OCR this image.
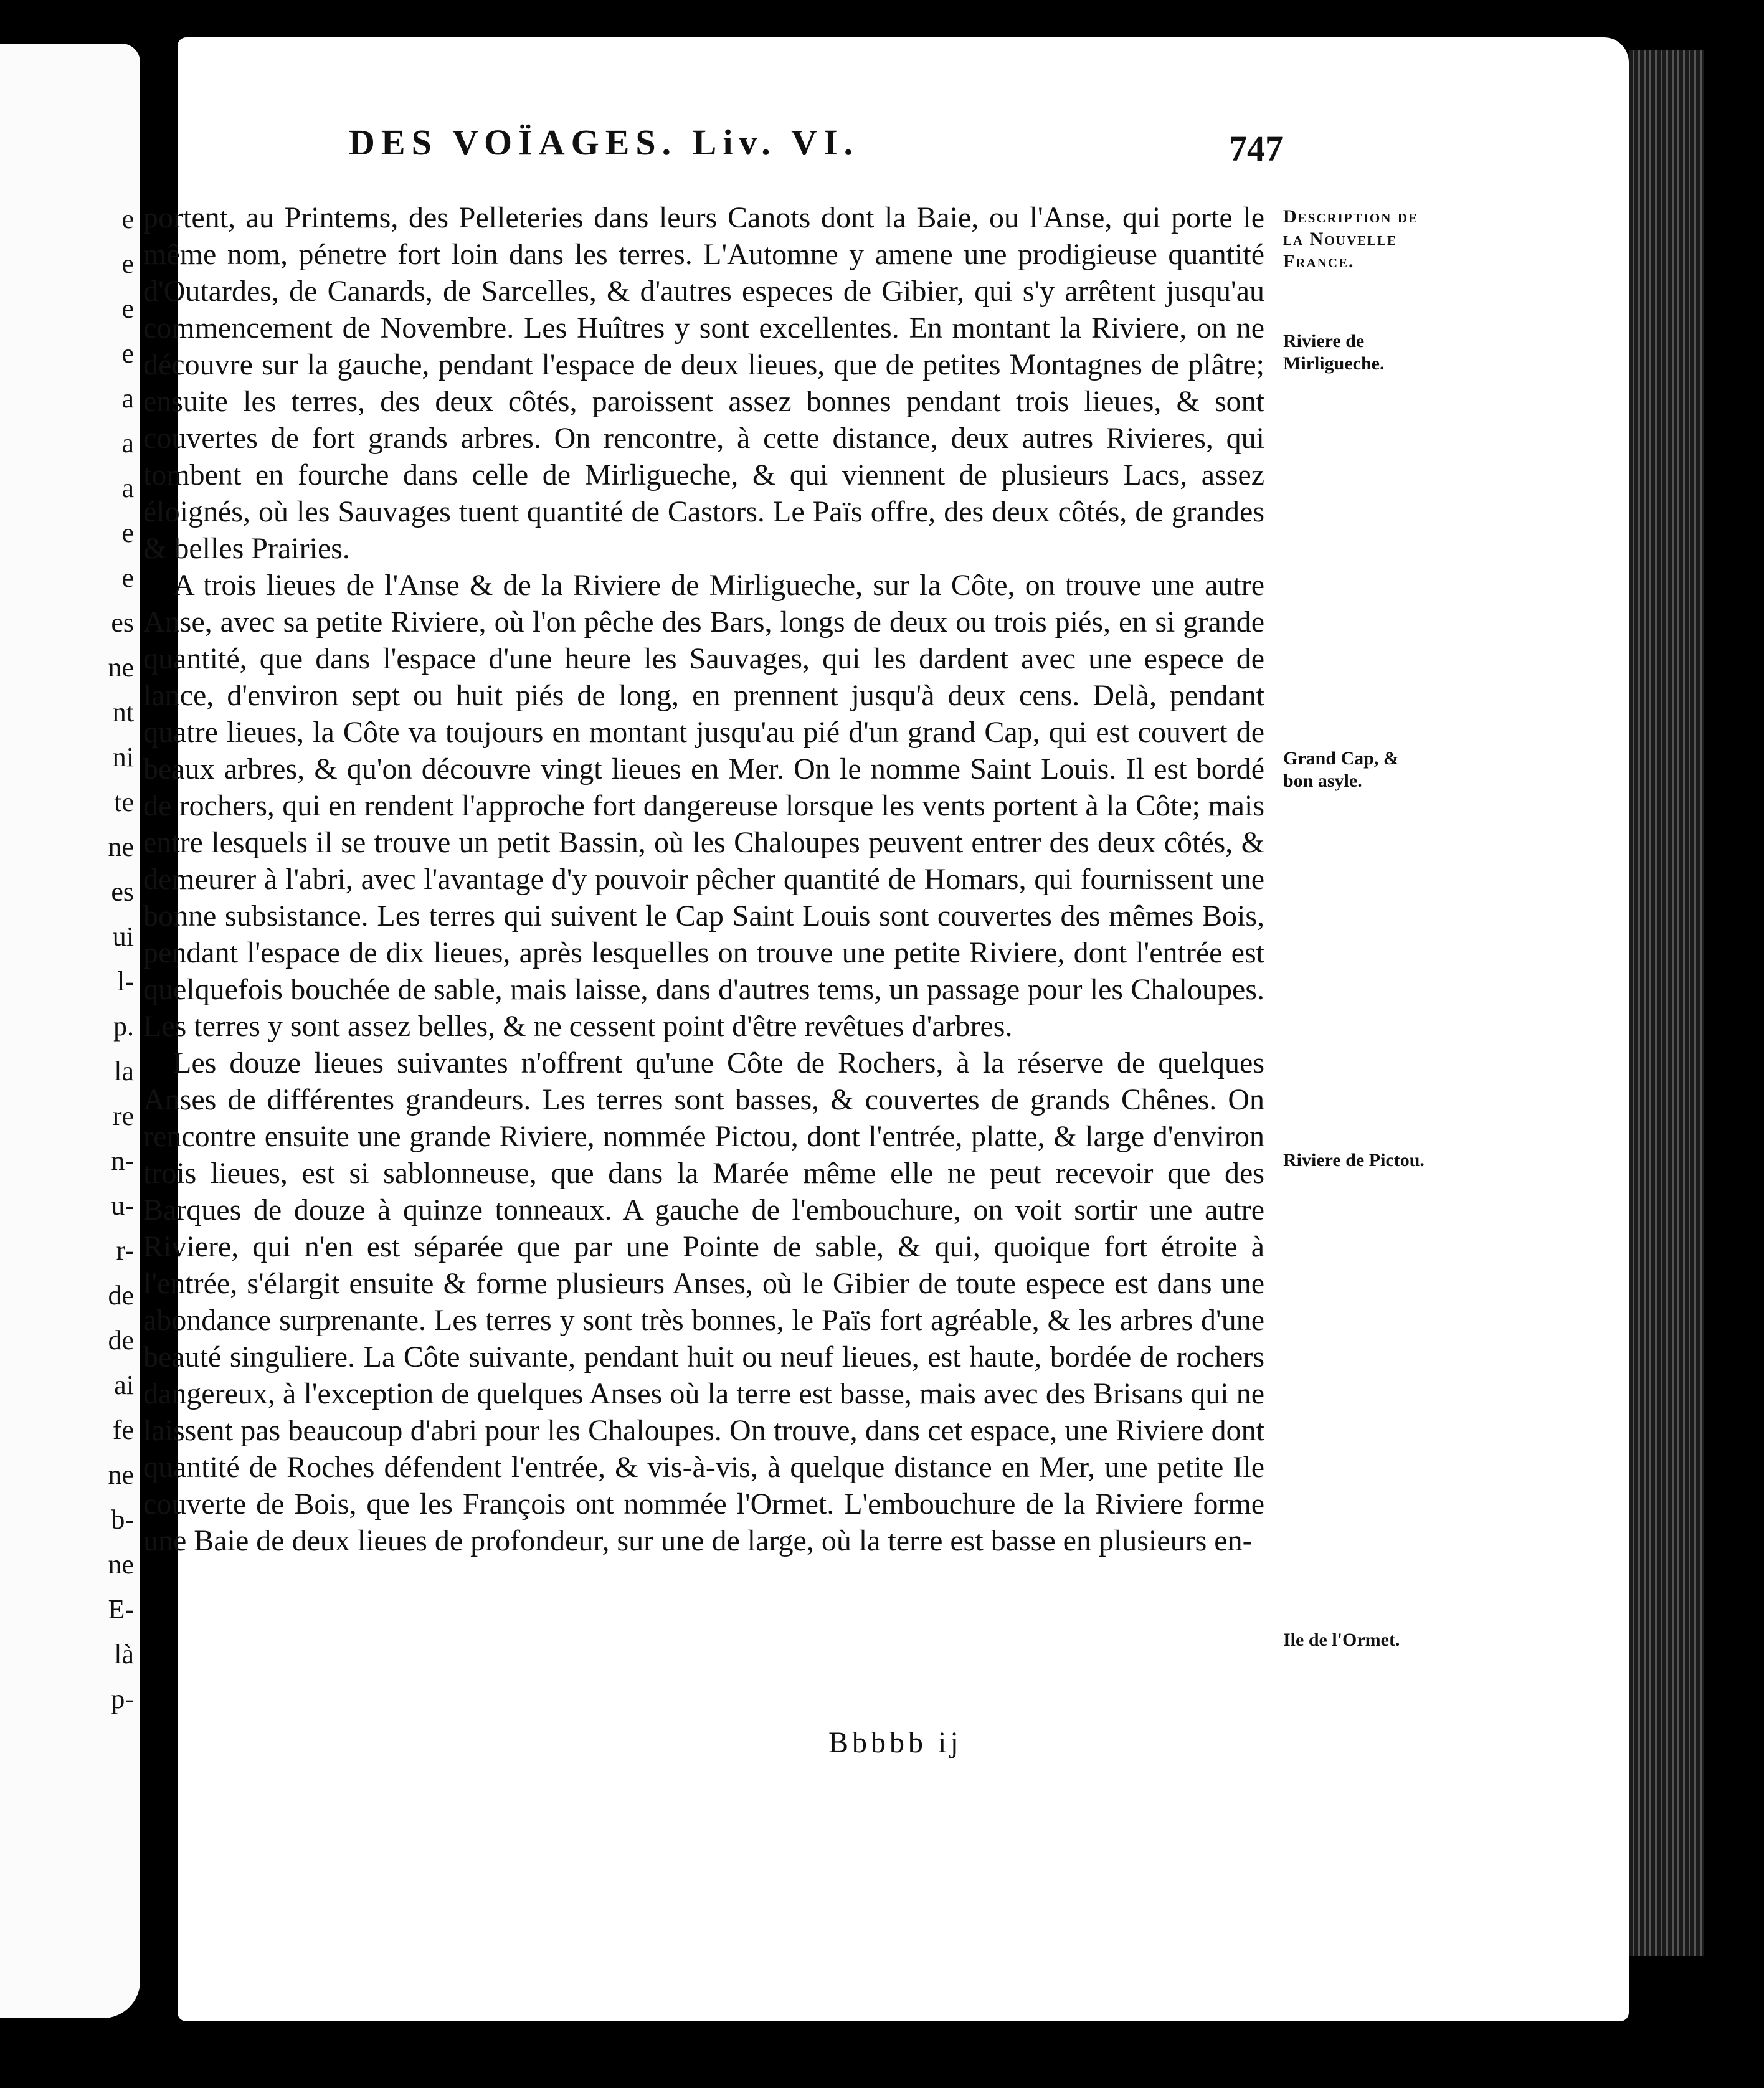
e
e
e
e
a
a
a
e
e
es
ne
nt
ni
te
ne
es
ui
l-
p.
la
re
n-
u-
r-
de
de
ai
fe
ne
b-
ne
E-
là
p-
DES VOÏAGES. Liv. VI.	747

portent, au Printems, des Pelleteries dans leurs Canots dont la Baie, ou l'Anse, qui porte le même nom, pénetre fort loin dans les terres. L'Automne y amene une prodigieuse quantité d'Outardes, de Canards, de Sarcelles, & d'autres especes de Gibier, qui s'y arrêtent jusqu'au commencement de Novembre. Les Huîtres y sont excellentes. En montant la Riviere, on ne découvre sur la gauche, pendant l'espace de deux lieues, que de petites Montagnes de plâtre; ensuite les terres, des deux côtés, paroissent assez bonnes pendant trois lieues, & sont couvertes de fort grands arbres. On rencontre, à cette distance, deux autres Rivieres, qui tombent en fourche dans celle de Mirligueche, & qui viennent de plusieurs Lacs, assez éloignés, où les Sauvages tuent quantité de Castors. Le Païs offre, des deux côtés, de grandes & belles Prairies.

A trois lieues de l'Anse & de la Riviere de Mirligueche, sur la Côte, on trouve une autre Anse, avec sa petite Riviere, où l'on pêche des Bars, longs de deux ou trois piés, en si grande quantité, que dans l'espace d'une heure les Sauvages, qui les dardent avec une espece de lance, d'environ sept ou huit piés de long, en prennent jusqu'à deux cens. Delà, pendant quatre lieues, la Côte va toujours en montant jusqu'au pié d'un grand Cap, qui est couvert de beaux arbres, & qu'on découvre vingt lieues en Mer. On le nomme Saint Louis. Il est bordé de rochers, qui en rendent l'approche fort dangereuse lorsque les vents portent à la Côte; mais entre lesquels il se trouve un petit Bassin, où les Chaloupes peuvent entrer des deux côtés, & demeurer à l'abri, avec l'avantage d'y pouvoir pêcher quantité de Homars, qui fournissent une bonne subsistance. Les terres qui suivent le Cap Saint Louis sont couvertes des mêmes Bois, pendant l'espace de dix lieues, après lesquelles on trouve une petite Riviere, dont l'entrée est quelquefois bouchée de sable, mais laisse, dans d'autres tems, un passage pour les Chaloupes. Les terres y sont assez belles, & ne cessent point d'être revêtues d'arbres.

Les douze lieues suivantes n'offrent qu'une Côte de Rochers, à la réserve de quelques Anses de différentes grandeurs. Les terres sont basses, & couvertes de grands Chênes. On rencontre ensuite une grande Riviere, nommée Pictou, dont l'entrée, platte, & large d'environ trois lieues, est si sablonneuse, que dans la Marée même elle ne peut recevoir que des Barques de douze à quinze tonneaux. A gauche de l'embouchure, on voit sortir une autre Riviere, qui n'en est séparée que par une Pointe de sable, & qui, quoique fort étroite à l'entrée, s'élargit ensuite & forme plusieurs Anses, où le Gibier de toute espece est dans une abondance surprenante. Les terres y sont très bonnes, le Païs fort agréable, & les arbres d'une beauté singuliere. La Côte suivante, pendant huit ou neuf lieues, est haute, bordée de rochers dangereux, à l'exception de quelques Anses où la terre est basse, mais avec des Brisans qui ne laissent pas beaucoup d'abri pour les Chaloupes. On trouve, dans cet espace, une Riviere dont quantité de Roches défendent l'entrée, & vis-à-vis, à quelque distance en Mer, une petite Ile couverte de Bois, que les François ont nommée l'Ormet. L'embouchure de la Riviere forme une Baie de deux lieues de profondeur, sur une de large, où la terre est basse en plusieurs en-

Bbbbb ij
Description de la Nouvelle France.
Riviere de Mirligueche.
Grand Cap, & bon asyle.
Riviere de Pictou.
Ile de l'Ormet.
